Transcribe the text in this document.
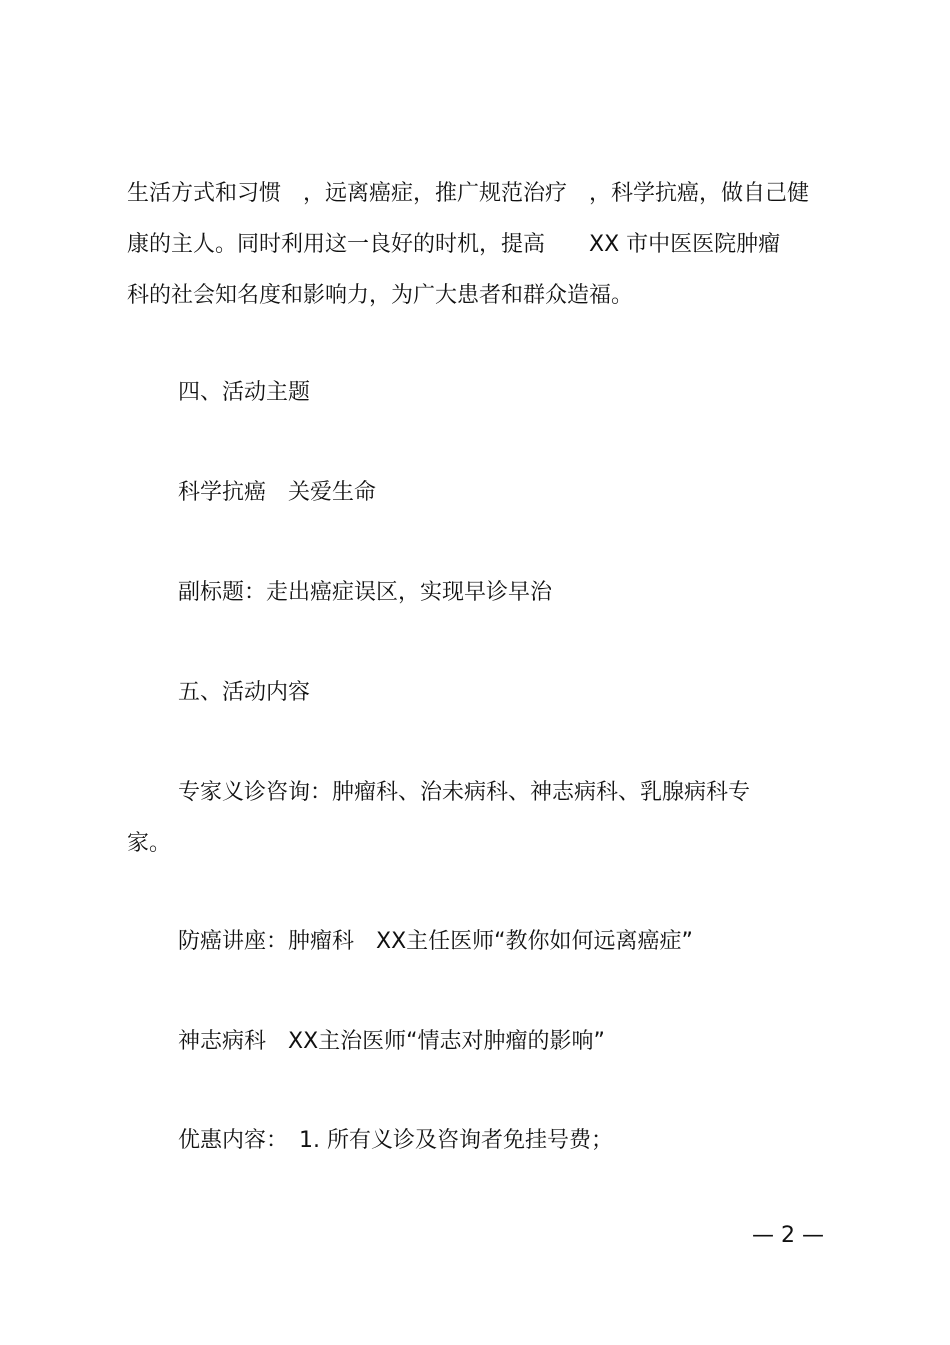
生活方式和习惯　，远离癌症，推广规范治疗　，科学抗癌，做自己健

康的主人。同时利用这一良好的时机，提高　　XX 市中医医院肿瘤

科的社会知名度和影响力，为广大患者和群众造福。

四、活动主题

科学抗癌　关爱生命

副标题：走出癌症误区，实现早诊早治

五、活动内容

专家义诊咨询：肿瘤科、治未病科、神志病科、乳腺病科专

家。

防癌讲座：肿瘤科　XX主任医师“教你如何远离癌症”

神志病科　XX主治医师“情志对肿瘤的影响”

优惠内容：　1. 所有义诊及咨询者免挂号费；

— 2 —
